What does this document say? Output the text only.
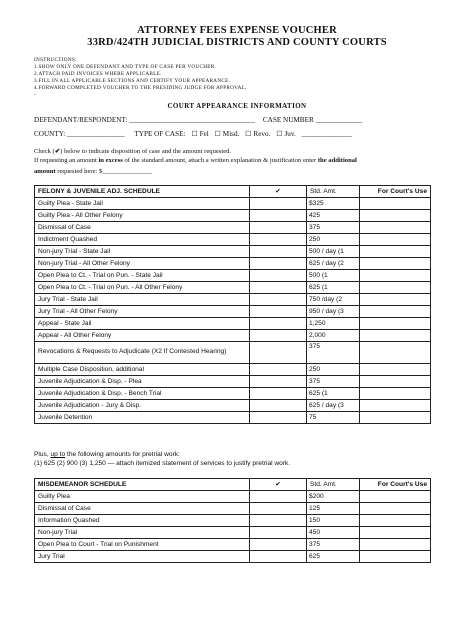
ATTORNEY FEES EXPENSE VOUCHER
33RD/424TH JUDICIAL DISTRICTS AND COUNTY COURTS
INSTRUCTIONS:
1.SHOW ONLY ONE DEFENDANT AND TYPE OF CASE PER VOUCHER.
2.ATTACH PAID INVOICES WHERE APPLICABLE.
3.FILL IN ALL APPLICABLE SECTIONS AND CERTIFY YOUR APPEARANCE.
4.FORWARD COMPLETED VOUCHER TO THE PRESIDING JUDGE FOR APPROVAL.
-
COURT APPEARANCE INFORMATION
DEFENDANT/RESPONDENT: ___________________________________ CASE NUMBER _____________
COUNTY: ________________ TYPE OF CASE: ☐ Fel ☐ Misd. ☐ Revo. ☐ Juv. ______________
Check (✔) below to indicate disposition of case and the amount requested.
If requesting an amount in excess of the standard amount, attach a written explanation & justification enter the additional
amount requested here: $_______________
FELONY & JUVENILE ADJ. SCHEDULE	✔	Std. Amt.	For Court's Use
Guilty Plea - State Jail		$325	
Guilty Plea - All Other Felony		425	
Dismissal of Case		375	
Indictment Quashed		250	
Non-jury Trial - State Jail		500 / day (1	
Non-jury Trial - All Other Felony		625 / day (2	
Open Plea to Ct. - Trial on Pun. - State Jail		500 (1	
Open Plea to Ct. - Trial on Pun. - All Other Felony		625 (1	
Jury Trial - State Jail		750 /day (2	
Jury Trial - All Other Felony		950 / day (3	
Appeal - State Jail		1,250	
Appeal - All Other Felony		2,000	
Revocations & Requests to Adjudicate (X2 If Contested Hearing)		375	
Multiple Case Disposition, additional		250	
Juvenile Adjudication & Disp. - Plea		375	
Juvenile Adjudication & Disp. - Bench Trial		625 (1	
Juvenile Adjudication - Jury & Disp.		625 / day (3	
Juvenile Detention		75	
Plus, up to the following amounts for pretrial work:
(1) 625 (2) 900 (3) 1,250 — attach itemized statement of services to justify pretrial work.
MISDEMEANOR SCHEDULE	✔	Std. Amt.	For Court's Use
Guilty Plea		$200	
Dismissal of Case		125	
Information Quashed		150	
Non-jury Trial		450	
Open Plea to Court - Trial on Punishment		375	
Jury Trial		625	
